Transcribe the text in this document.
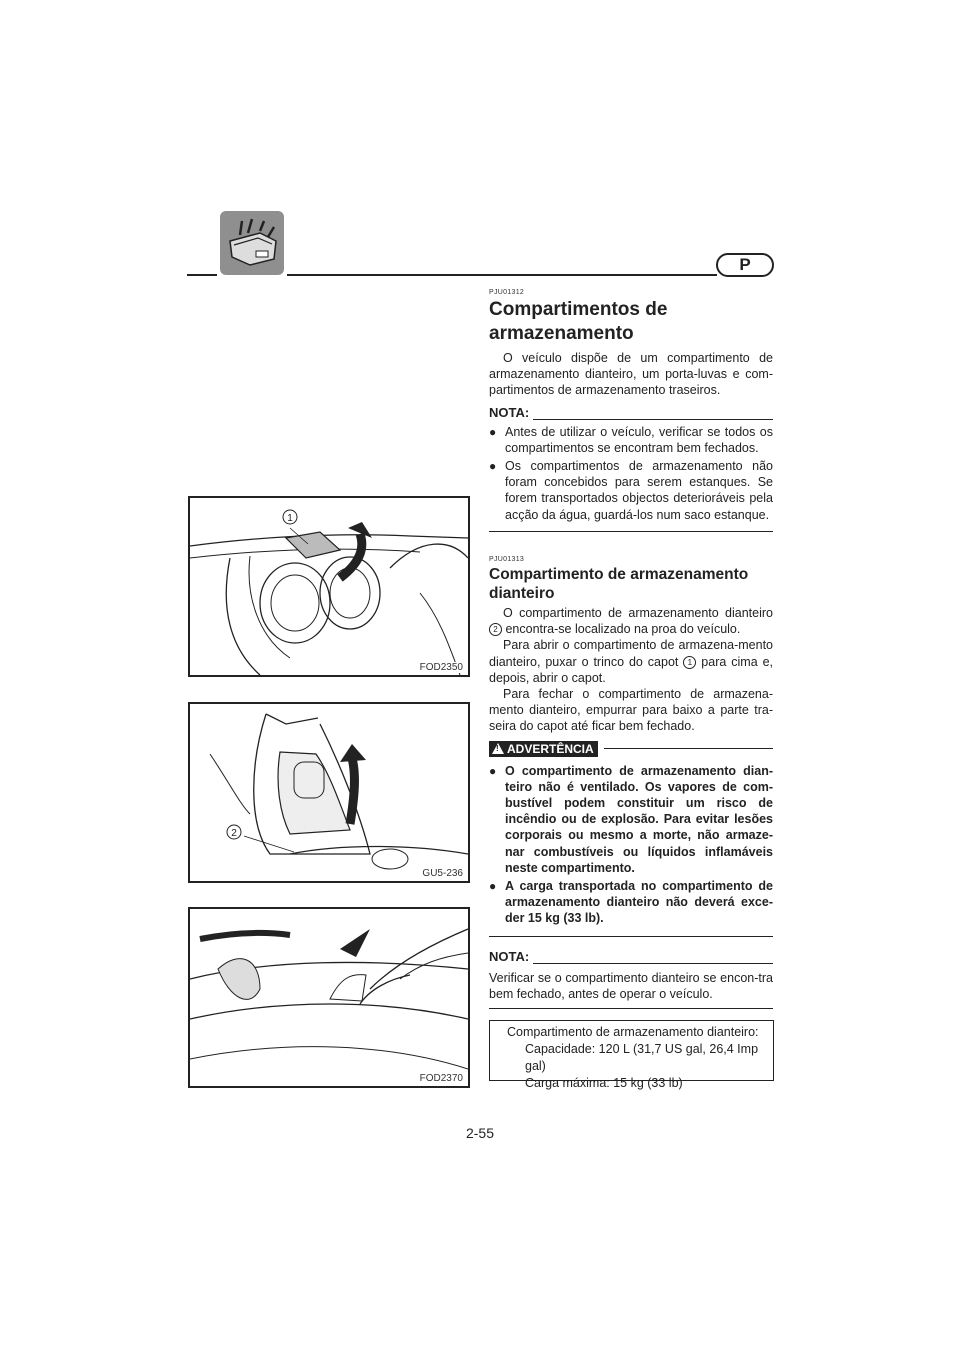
P
1
FOD2350
2
GU5-236
FOD2370
PJU01312
Compartimentos de armazenamento
O veículo dispõe de um compartimento de armazenamento dianteiro, um porta-luvas e com-partimentos de armazenamento traseiros.
NOTA:
● Antes de utilizar o veículo, verificar se todos os compartimentos se encontram bem fechados.
● Os compartimentos de armazenamento não foram concebidos para serem estanques. Se forem transportados objectos deterioráveis pela acção da água, guardá-los num saco estanque.
PJU01313
Compartimento de armazenamento dianteiro
O compartimento de armazenamento dianteiro 2 encontra-se localizado na proa do veículo.
Para abrir o compartimento de armazena-mento dianteiro, puxar o trinco do capot 1 para cima e, depois, abrir o capot.
Para fechar o compartimento de armazena-mento dianteiro, empurrar para baixo a parte tra-seira do capot até ficar bem fechado.
! ADVERTÊNCIA
● O compartimento de armazenamento dian-teiro não é ventilado. Os vapores de com-bustível podem constituir um risco de incêndio ou de explosão. Para evitar lesões corporais ou mesmo a morte, não armaze-nar combustíveis ou líquidos inflamáveis neste compartimento.
● A carga transportada no compartimento de armazenamento dianteiro não deverá exce-der 15 kg (33 lb).
NOTA:
Verificar se o compartimento dianteiro se encon-tra bem fechado, antes de operar o veículo.
Compartimento de armazenamento dianteiro:
Capacidade: 120 L (31,7 US gal, 26,4 Imp gal)
Carga máxima: 15 kg (33 lb)
2-55
